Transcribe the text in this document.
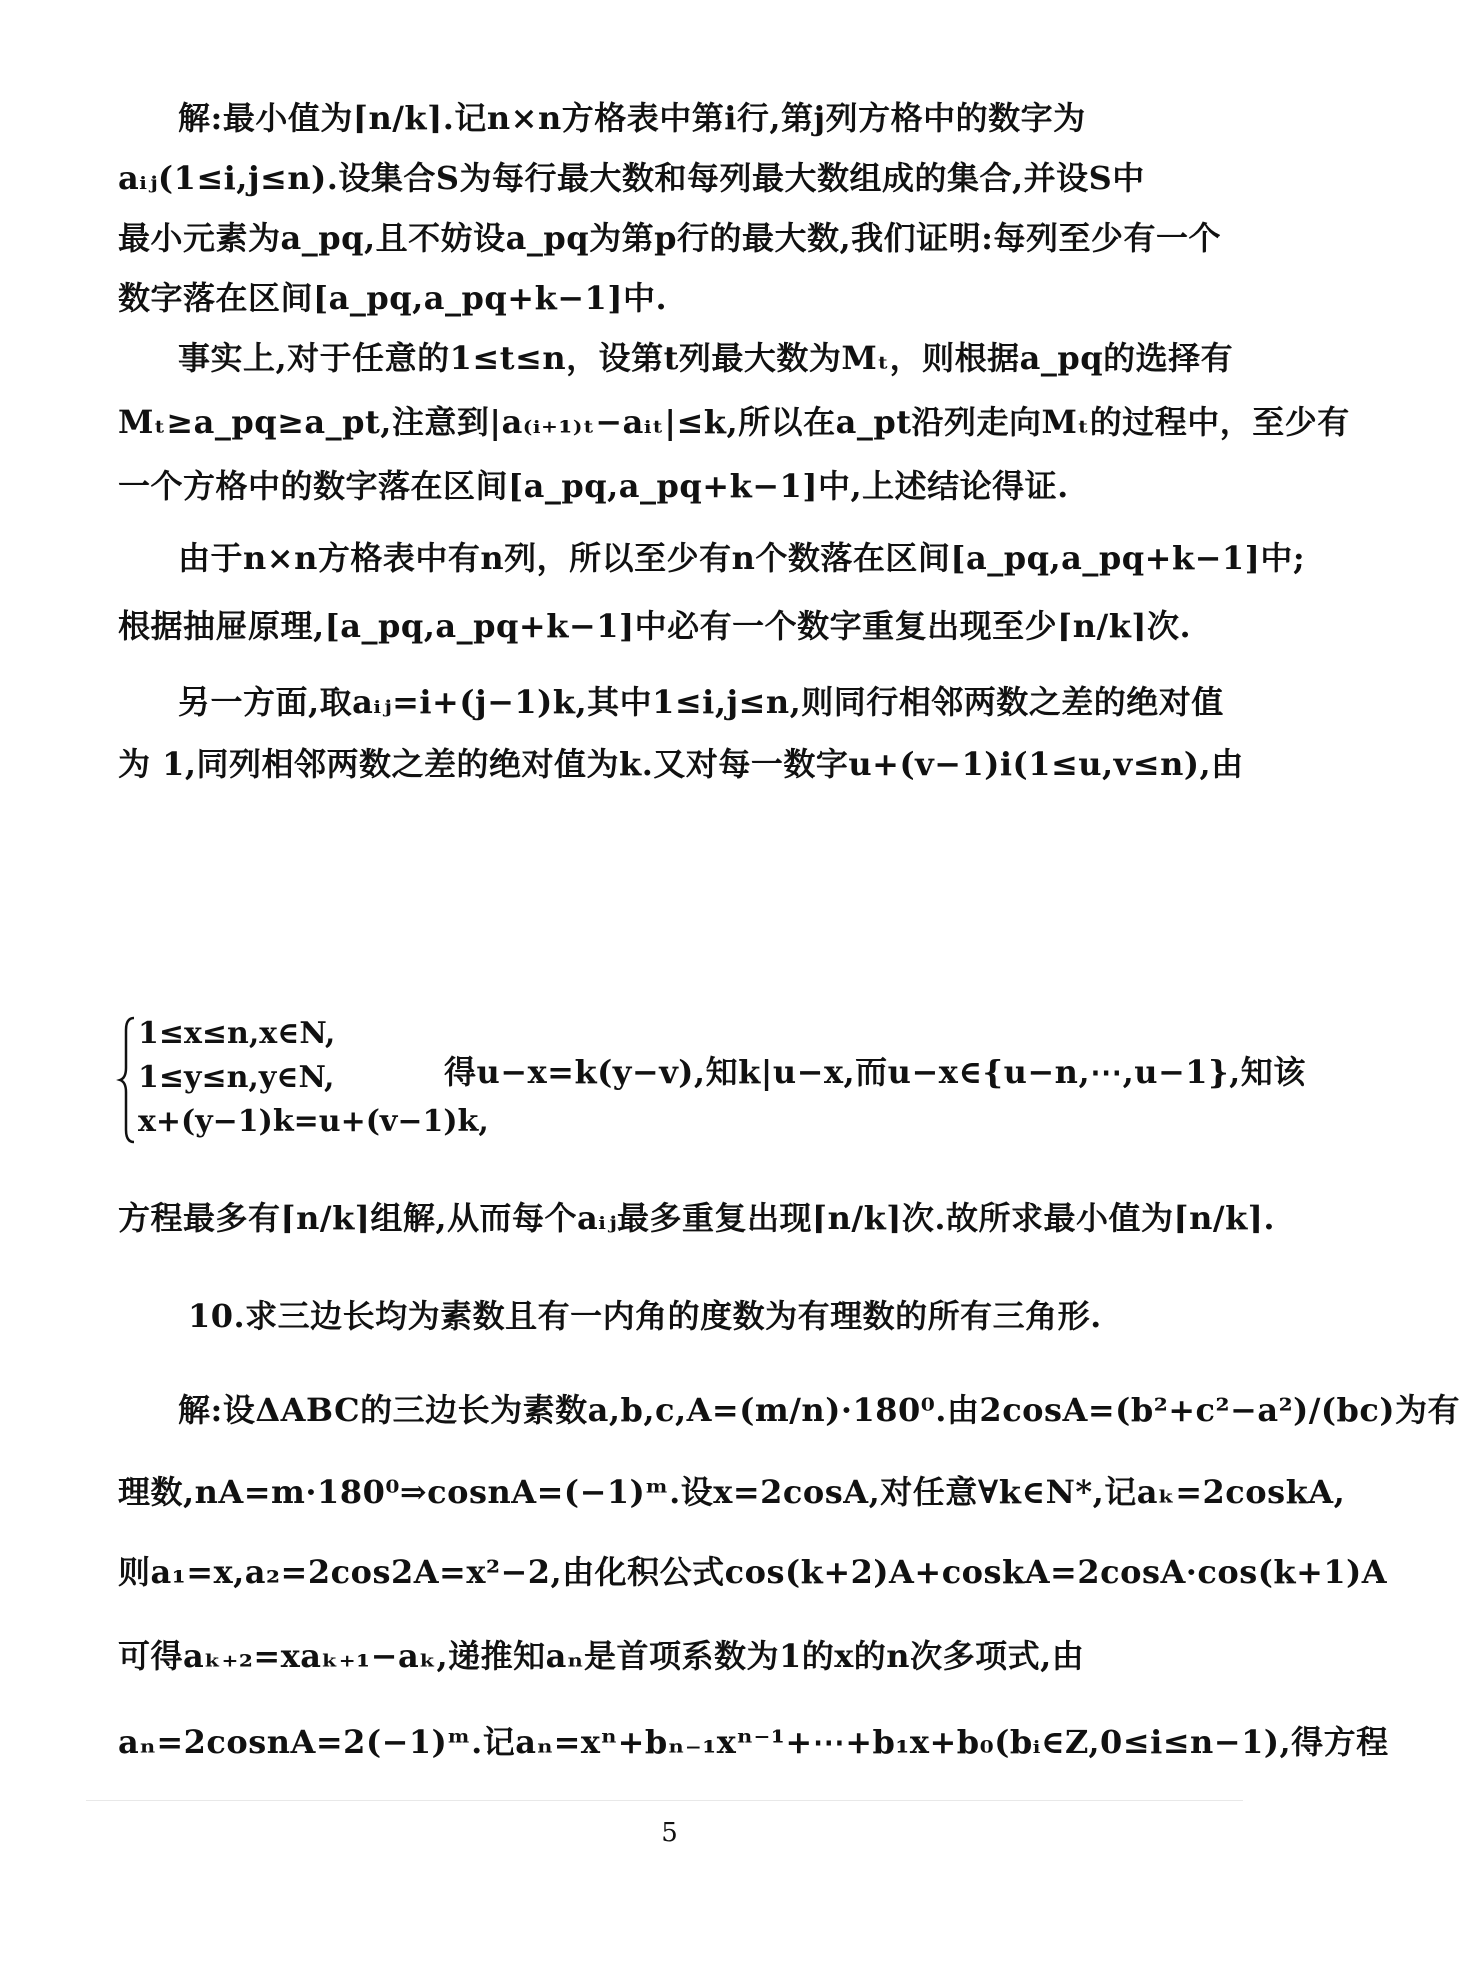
解:最小值为⌈n/k⌉.记n×n方格表中第i行,第j列方格中的数字为
aᵢⱼ(1≤i,j≤n).设集合S为每行最大数和每列最大数组成的集合,并设S中
最小元素为a_pq,且不妨设a_pq为第p行的最大数,我们证明:每列至少有一个
数字落在区间[a_pq,a_pq+k−1]中.
事实上,对于任意的1≤t≤n，设第t列最大数为Mₜ，则根据a_pq的选择有
Mₜ≥a_pq≥a_pt,注意到|a₍ᵢ₊₁₎ₜ−aᵢₜ|≤k,所以在a_pt沿列走向Mₜ的过程中，至少有
一个方格中的数字落在区间[a_pq,a_pq+k−1]中,上述结论得证.
由于n×n方格表中有n列，所以至少有n个数落在区间[a_pq,a_pq+k−1]中;
根据抽屉原理,[a_pq,a_pq+k−1]中必有一个数字重复出现至少⌈n/k⌉次.
另一方面,取aᵢⱼ=i+(j−1)k,其中1≤i,j≤n,则同行相邻两数之差的绝对值
为 1,同列相邻两数之差的绝对值为k.又对每一数字u+(v−1)i(1≤u,v≤n),由
1≤x≤n,x∈N,
1≤y≤n,y∈N,
x+(y−1)k=u+(v−1)k,
得u−x=k(y−v),知k|u−x,而u−x∈{u−n,⋯,u−1},知该
方程最多有⌈n/k⌉组解,从而每个aᵢⱼ最多重复出现⌈n/k⌉次.故所求最小值为⌈n/k⌉.
10.求三边长均为素数且有一内角的度数为有理数的所有三角形.
解:设ΔABC的三边长为素数a,b,c,A=(m/n)·180⁰.由2cosA=(b²+c²−a²)/(bc)为有
理数,nA=m·180⁰⇒cosnA=(−1)ᵐ.设x=2cosA,对任意∀k∈N*,记aₖ=2coskA,
则a₁=x,a₂=2cos2A=x²−2,由化积公式cos(k+2)A+coskA=2cosA·cos(k+1)A
可得aₖ₊₂=xaₖ₊₁−aₖ,递推知aₙ是首项系数为1的x的n次多项式,由
aₙ=2cosnA=2(−1)ᵐ.记aₙ=xⁿ+bₙ₋₁xⁿ⁻¹+⋯+b₁x+b₀(bᵢ∈Z,0≤i≤n−1),得方程
5
